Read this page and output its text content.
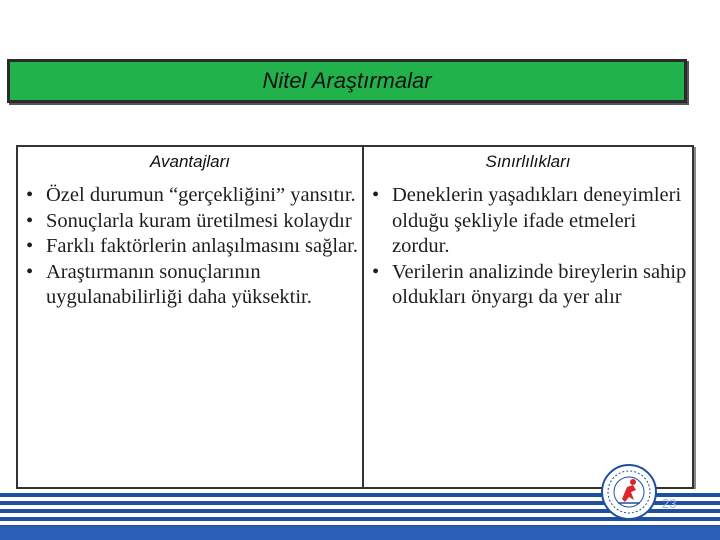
Nitel Araştırmalar
Avantajları
• Özel durumun “gerçekliğini” yansıtır.
• Sonuçlarla kuram üretilmesi kolaydır
• Farklı faktörlerin anlaşılmasını sağlar.
• Araştırmanın sonuçlarının uygulanabilirliği daha yüksektir.
Sınırlılıkları
• Deneklerin yaşadıkları deneyimleri olduğu şekliyle ifade etmeleri zordur.
• Verilerin analizinde bireylerin sahip oldukları önyargı da yer alır
23
